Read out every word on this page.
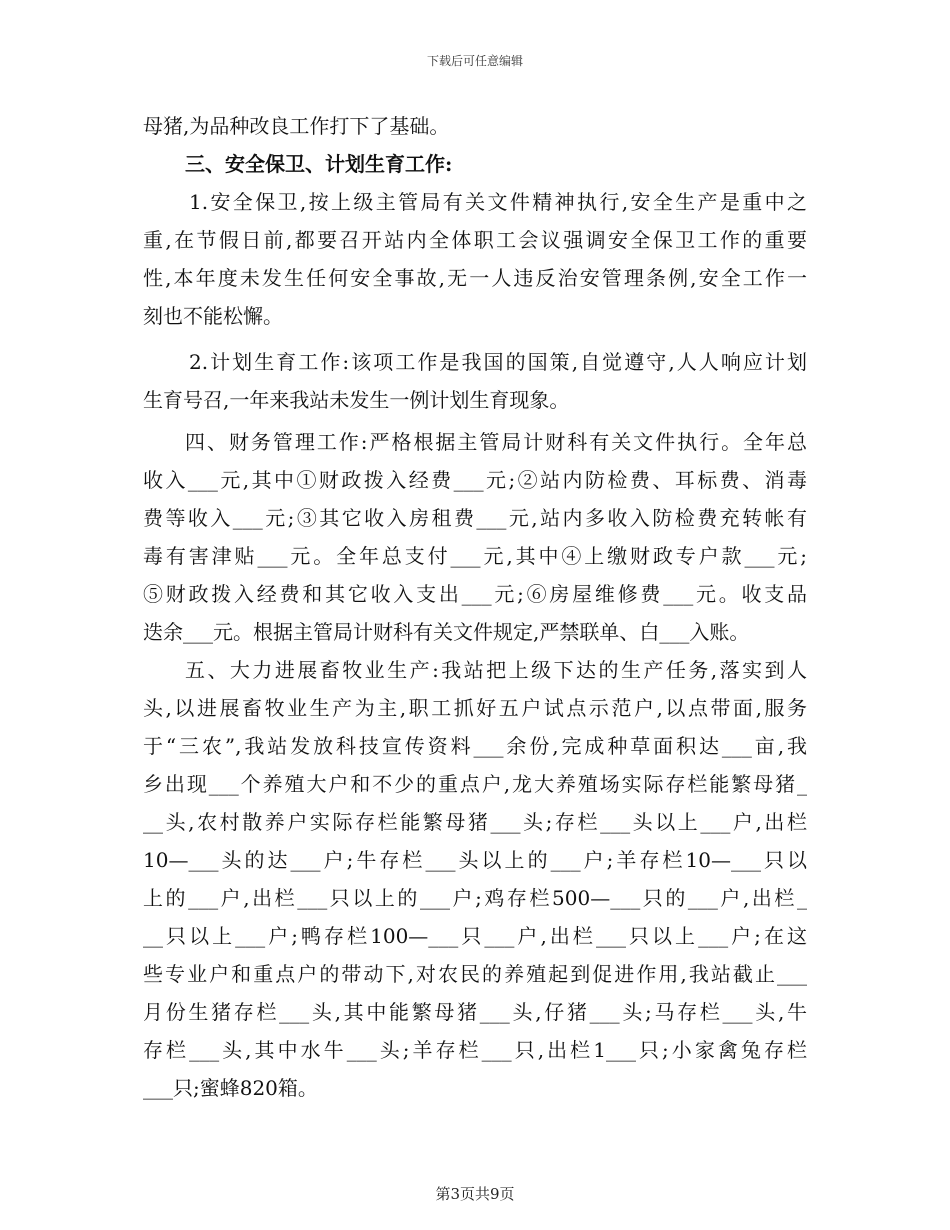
下载后可任意编辑
母猪,为品种改良工作打下了基础。
三、安全保卫、计划生育工作:
1.安全保卫,按上级主管局有关文件精神执行,安全生产是重中之
重,在节假日前,都要召开站内全体职工会议强调安全保卫工作的重要
性,本年度未发生任何安全事故,无一人违反治安管理条例,安全工作一
刻也不能松懈。
2.计划生育工作:该项工作是我国的国策,自觉遵守,人人响应计划
生育号召,一年来我站未发生一例计划生育现象。
四、财务管理工作:严格根据主管局计财科有关文件执行。全年总
收入___元,其中①财政拨入经费___元;②站内防检费、耳标费、消毒
费等收入___元;③其它收入房租费___元,站内多收入防检费充转帐有
毒有害津贴___元。全年总支付___元,其中④上缴财政专户款___元;
⑤财政拨入经费和其它收入支出___元;⑥房屋维修费___元。收支品
迭余___元。根据主管局计财科有关文件规定,严禁联单、白___入账。
五、大力进展畜牧业生产:我站把上级下达的生产任务,落实到人
头,以进展畜牧业生产为主,职工抓好五户试点示范户,以点带面,服务
于“三农”,我站发放科技宣传资料___余份,完成种草面积达___亩,我
乡出现___个养殖大户和不少的重点户,龙大养殖场实际存栏能繁母猪_
__头,农村散养户实际存栏能繁母猪___头;存栏___头以上___户,出栏
10—___头的达___户;牛存栏___头以上的___户;羊存栏10—___只以
上的___户,出栏___只以上的___户;鸡存栏500—___只的___户,出栏_
__只以上___户;鸭存栏100—___只___户,出栏___只以上___户;在这
些专业户和重点户的带动下,对农民的养殖起到促进作用,我站截止___
月份生猪存栏___头,其中能繁母猪___头,仔猪___头;马存栏___头,牛
存栏___头,其中水牛___头;羊存栏___只,出栏1___只;小家禽兔存栏
___只;蜜蜂820箱。
第3页共9页
